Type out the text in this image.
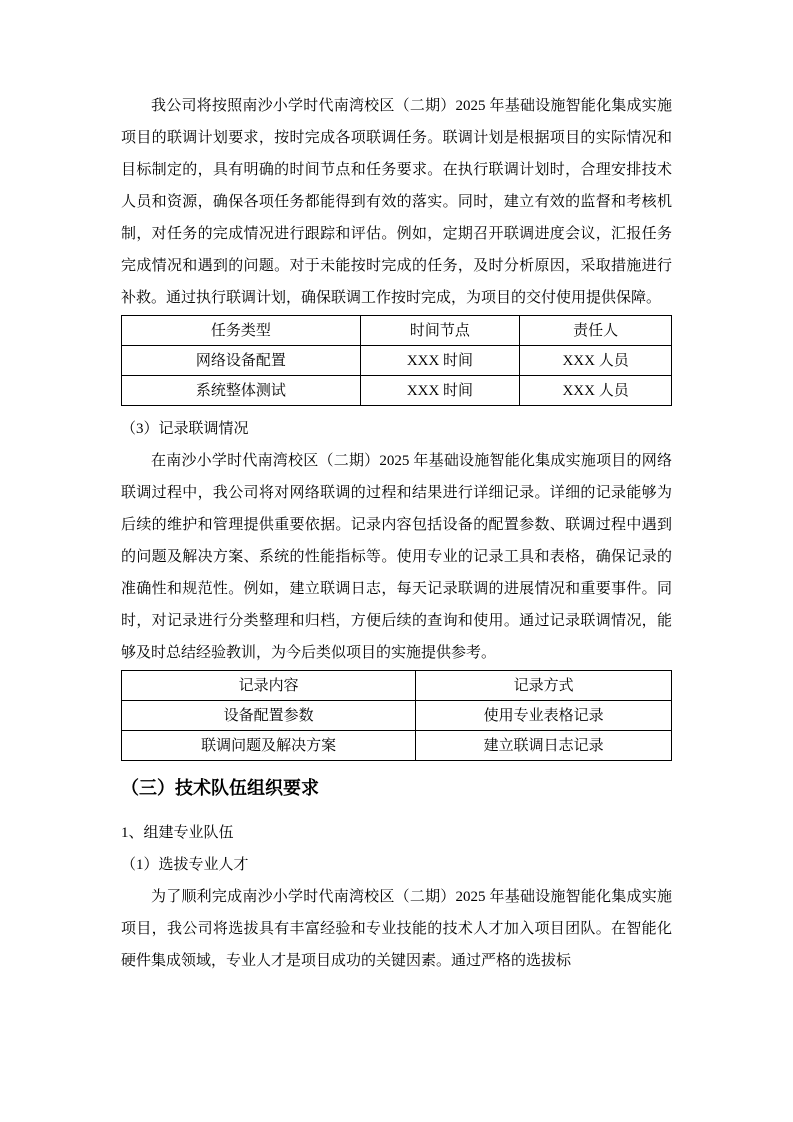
我公司将按照南沙小学时代南湾校区（二期）2025 年基础设施智能化集成实施项目的联调计划要求，按时完成各项联调任务。联调计划是根据项目的实际情况和目标制定的，具有明确的时间节点和任务要求。在执行联调计划时，合理安排技术人员和资源，确保各项任务都能得到有效的落实。同时，建立有效的监督和考核机制，对任务的完成情况进行跟踪和评估。例如，定期召开联调进度会议，汇报任务完成情况和遇到的问题。对于未能按时完成的任务，及时分析原因，采取措施进行补救。通过执行联调计划，确保联调工作按时完成，为项目的交付使用提供保障。

任务类型	时间节点	责任人
网络设备配置	XXX 时间	XXX 人员
系统整体测试	XXX 时间	XXX 人员

（3）记录联调情况

在南沙小学时代南湾校区（二期）2025 年基础设施智能化集成实施项目的网络联调过程中，我公司将对网络联调的过程和结果进行详细记录。详细的记录能够为后续的维护和管理提供重要依据。记录内容包括设备的配置参数、联调过程中遇到的问题及解决方案、系统的性能指标等。使用专业的记录工具和表格，确保记录的准确性和规范性。例如，建立联调日志，每天记录联调的进展情况和重要事件。同时，对记录进行分类整理和归档，方便后续的查询和使用。通过记录联调情况，能够及时总结经验教训，为今后类似项目的实施提供参考。

记录内容	记录方式
设备配置参数	使用专业表格记录
联调问题及解决方案	建立联调日志记录
（三）技术队伍组织要求

1、组建专业队伍

（1）选拔专业人才

为了顺利完成南沙小学时代南湾校区（二期）2025 年基础设施智能化集成实施项目，我公司将选拔具有丰富经验和专业技能的技术人才加入项目团队。在智能化硬件集成领域，专业人才是项目成功的关键因素。通过严格的选拔标
